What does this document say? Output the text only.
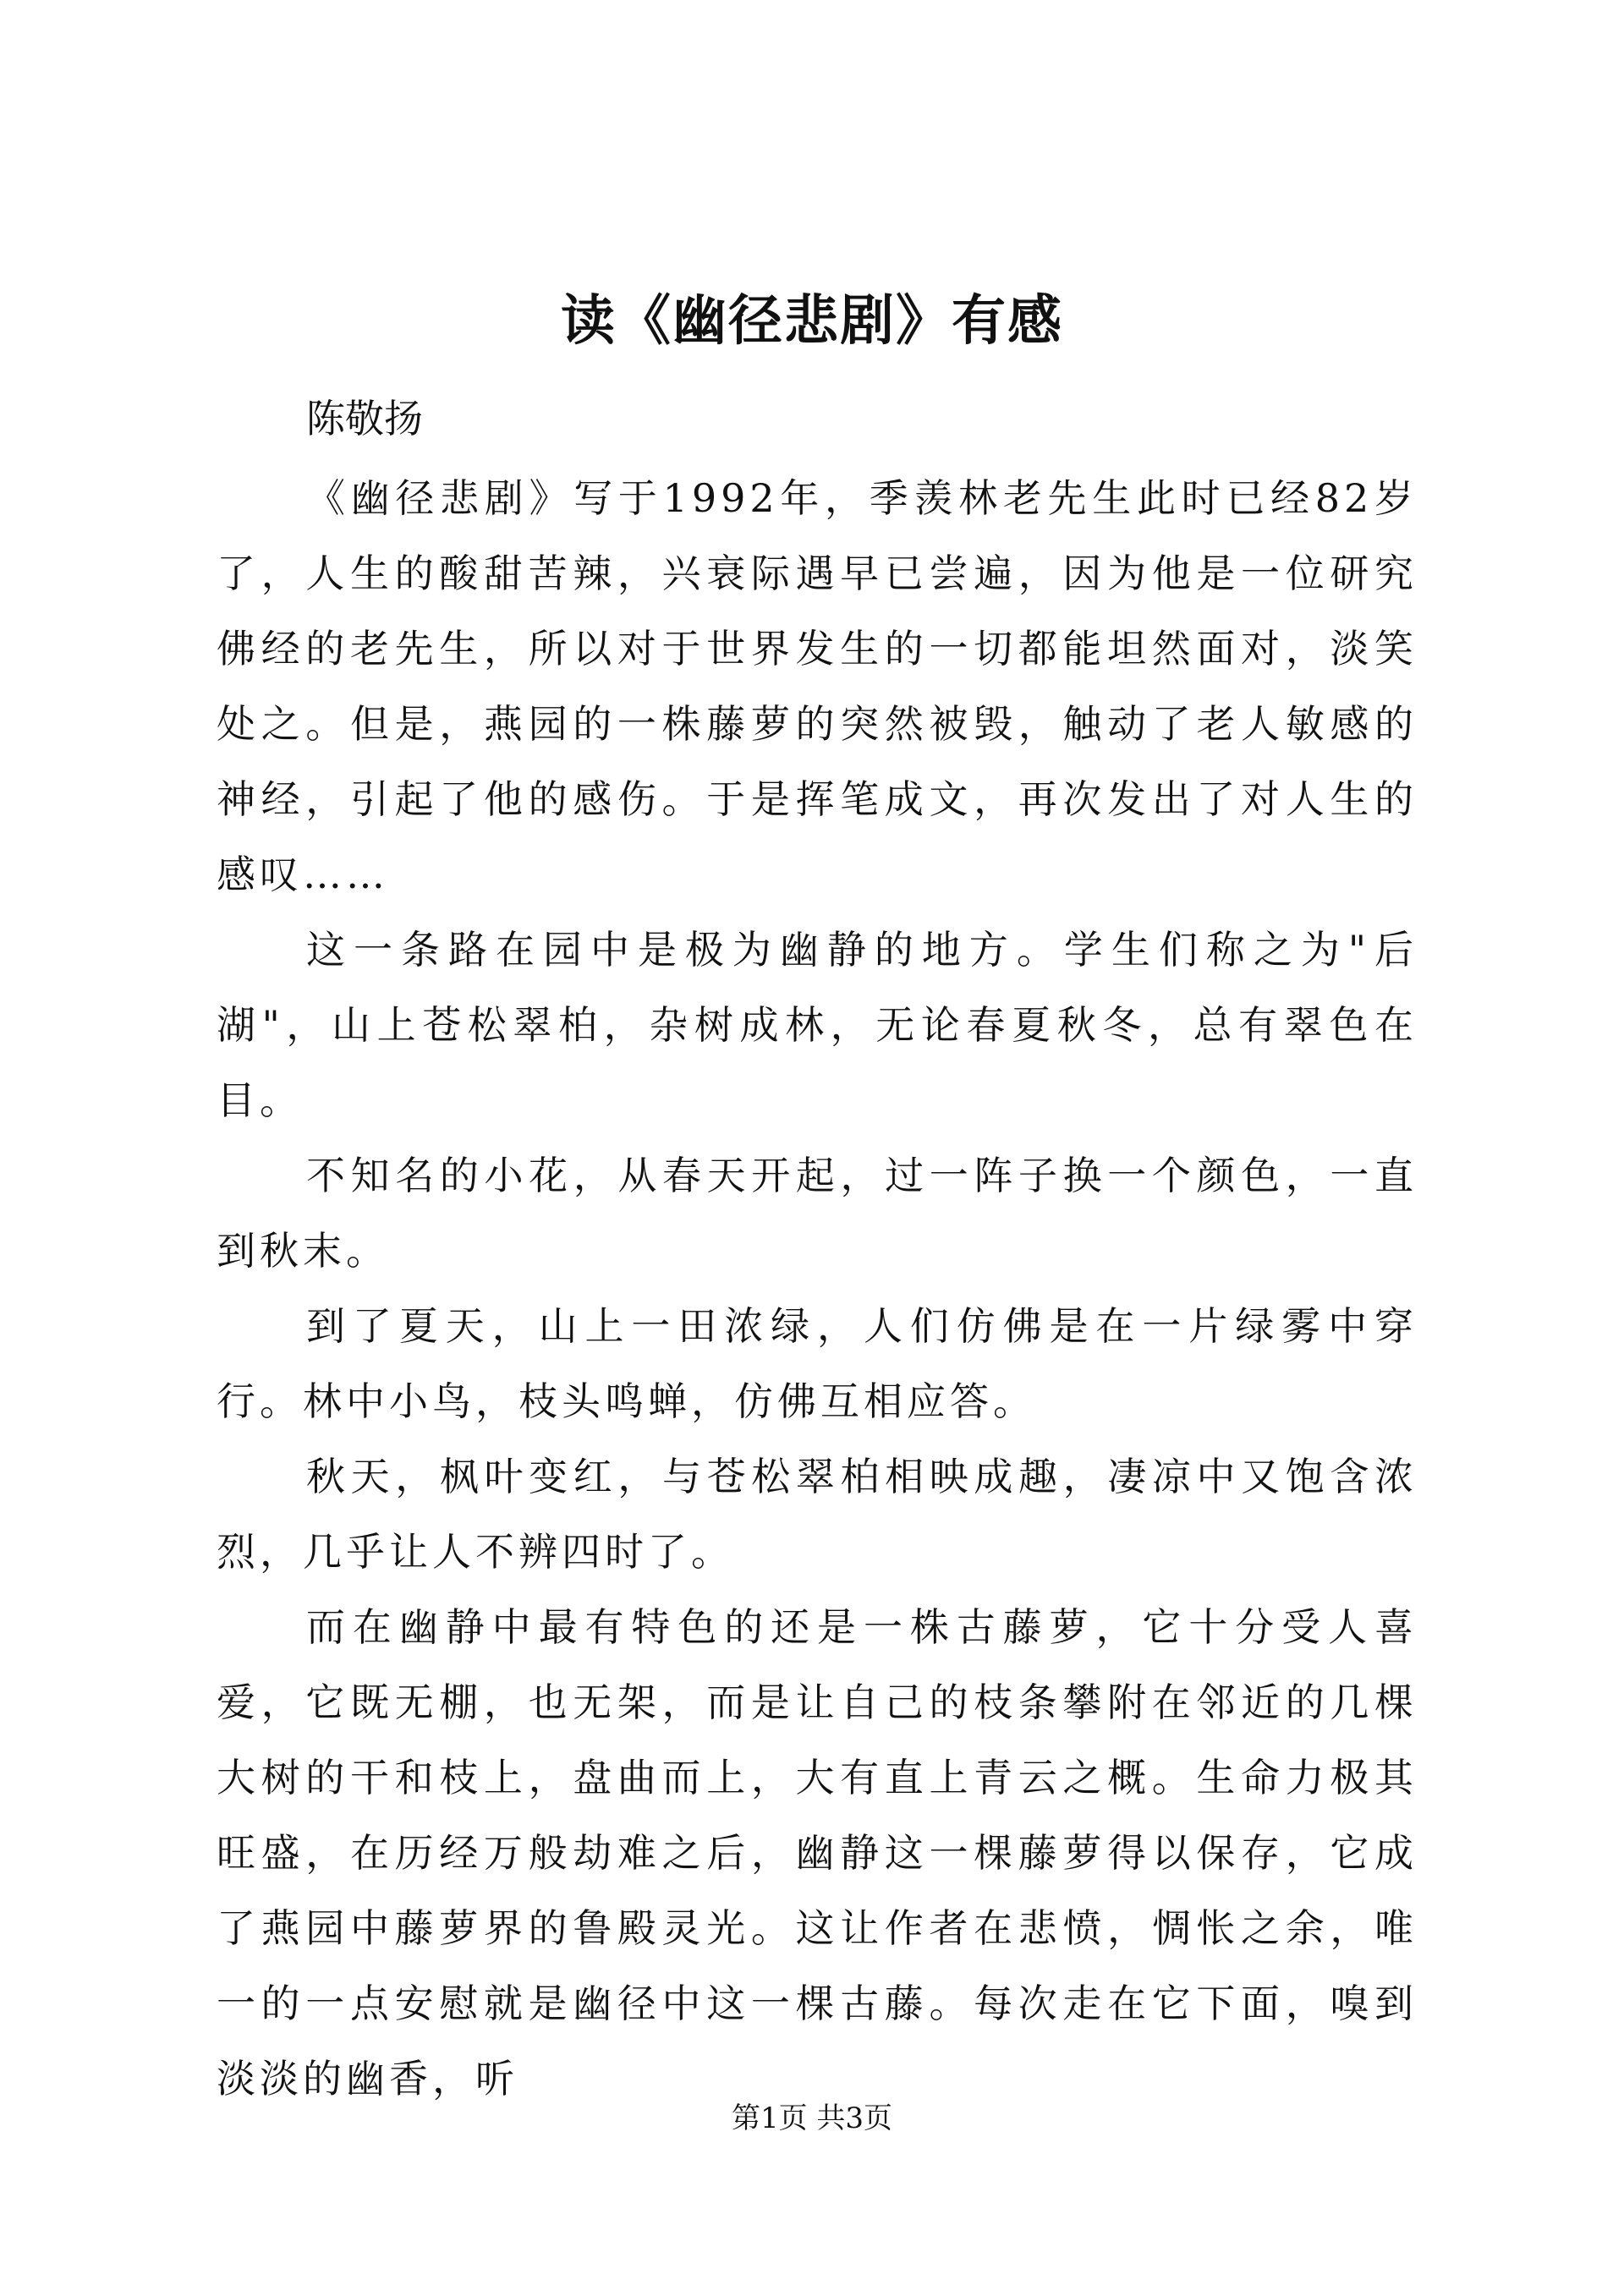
读《幽径悲剧》有感
陈敬扬

《幽径悲剧》写于1992年，季羡林老先生此时已经82岁了，人生的酸甜苦辣，兴衰际遇早已尝遍，因为他是一位研究佛经的老先生，所以对于世界发生的一切都能坦然面对，淡笑处之。但是，燕园的一株藤萝的突然被毁，触动了老人敏感的神经，引起了他的感伤。于是挥笔成文，再次发出了对人生的感叹……

这一条路在园中是极为幽静的地方。学生们称之为"后湖"，山上苍松翠柏，杂树成林，无论春夏秋冬，总有翠色在目。

不知名的小花，从春天开起，过一阵子换一个颜色，一直到秋末。

到了夏天，山上一田浓绿，人们仿佛是在一片绿雾中穿行。林中小鸟，枝头鸣蝉，仿佛互相应答。

秋天，枫叶变红，与苍松翠柏相映成趣，凄凉中又饱含浓烈，几乎让人不辨四时了。

而在幽静中最有特色的还是一株古藤萝，它十分受人喜爱，它既无棚，也无架，而是让自己的枝条攀附在邻近的几棵大树的干和枝上，盘曲而上，大有直上青云之概。生命力极其旺盛，在历经万般劫难之后，幽静这一棵藤萝得以保存，它成了燕园中藤萝界的鲁殿灵光。这让作者在悲愤，惆怅之余，唯一的一点安慰就是幽径中这一棵古藤。每次走在它下面，嗅到淡淡的幽香，听

第1页 共3页
